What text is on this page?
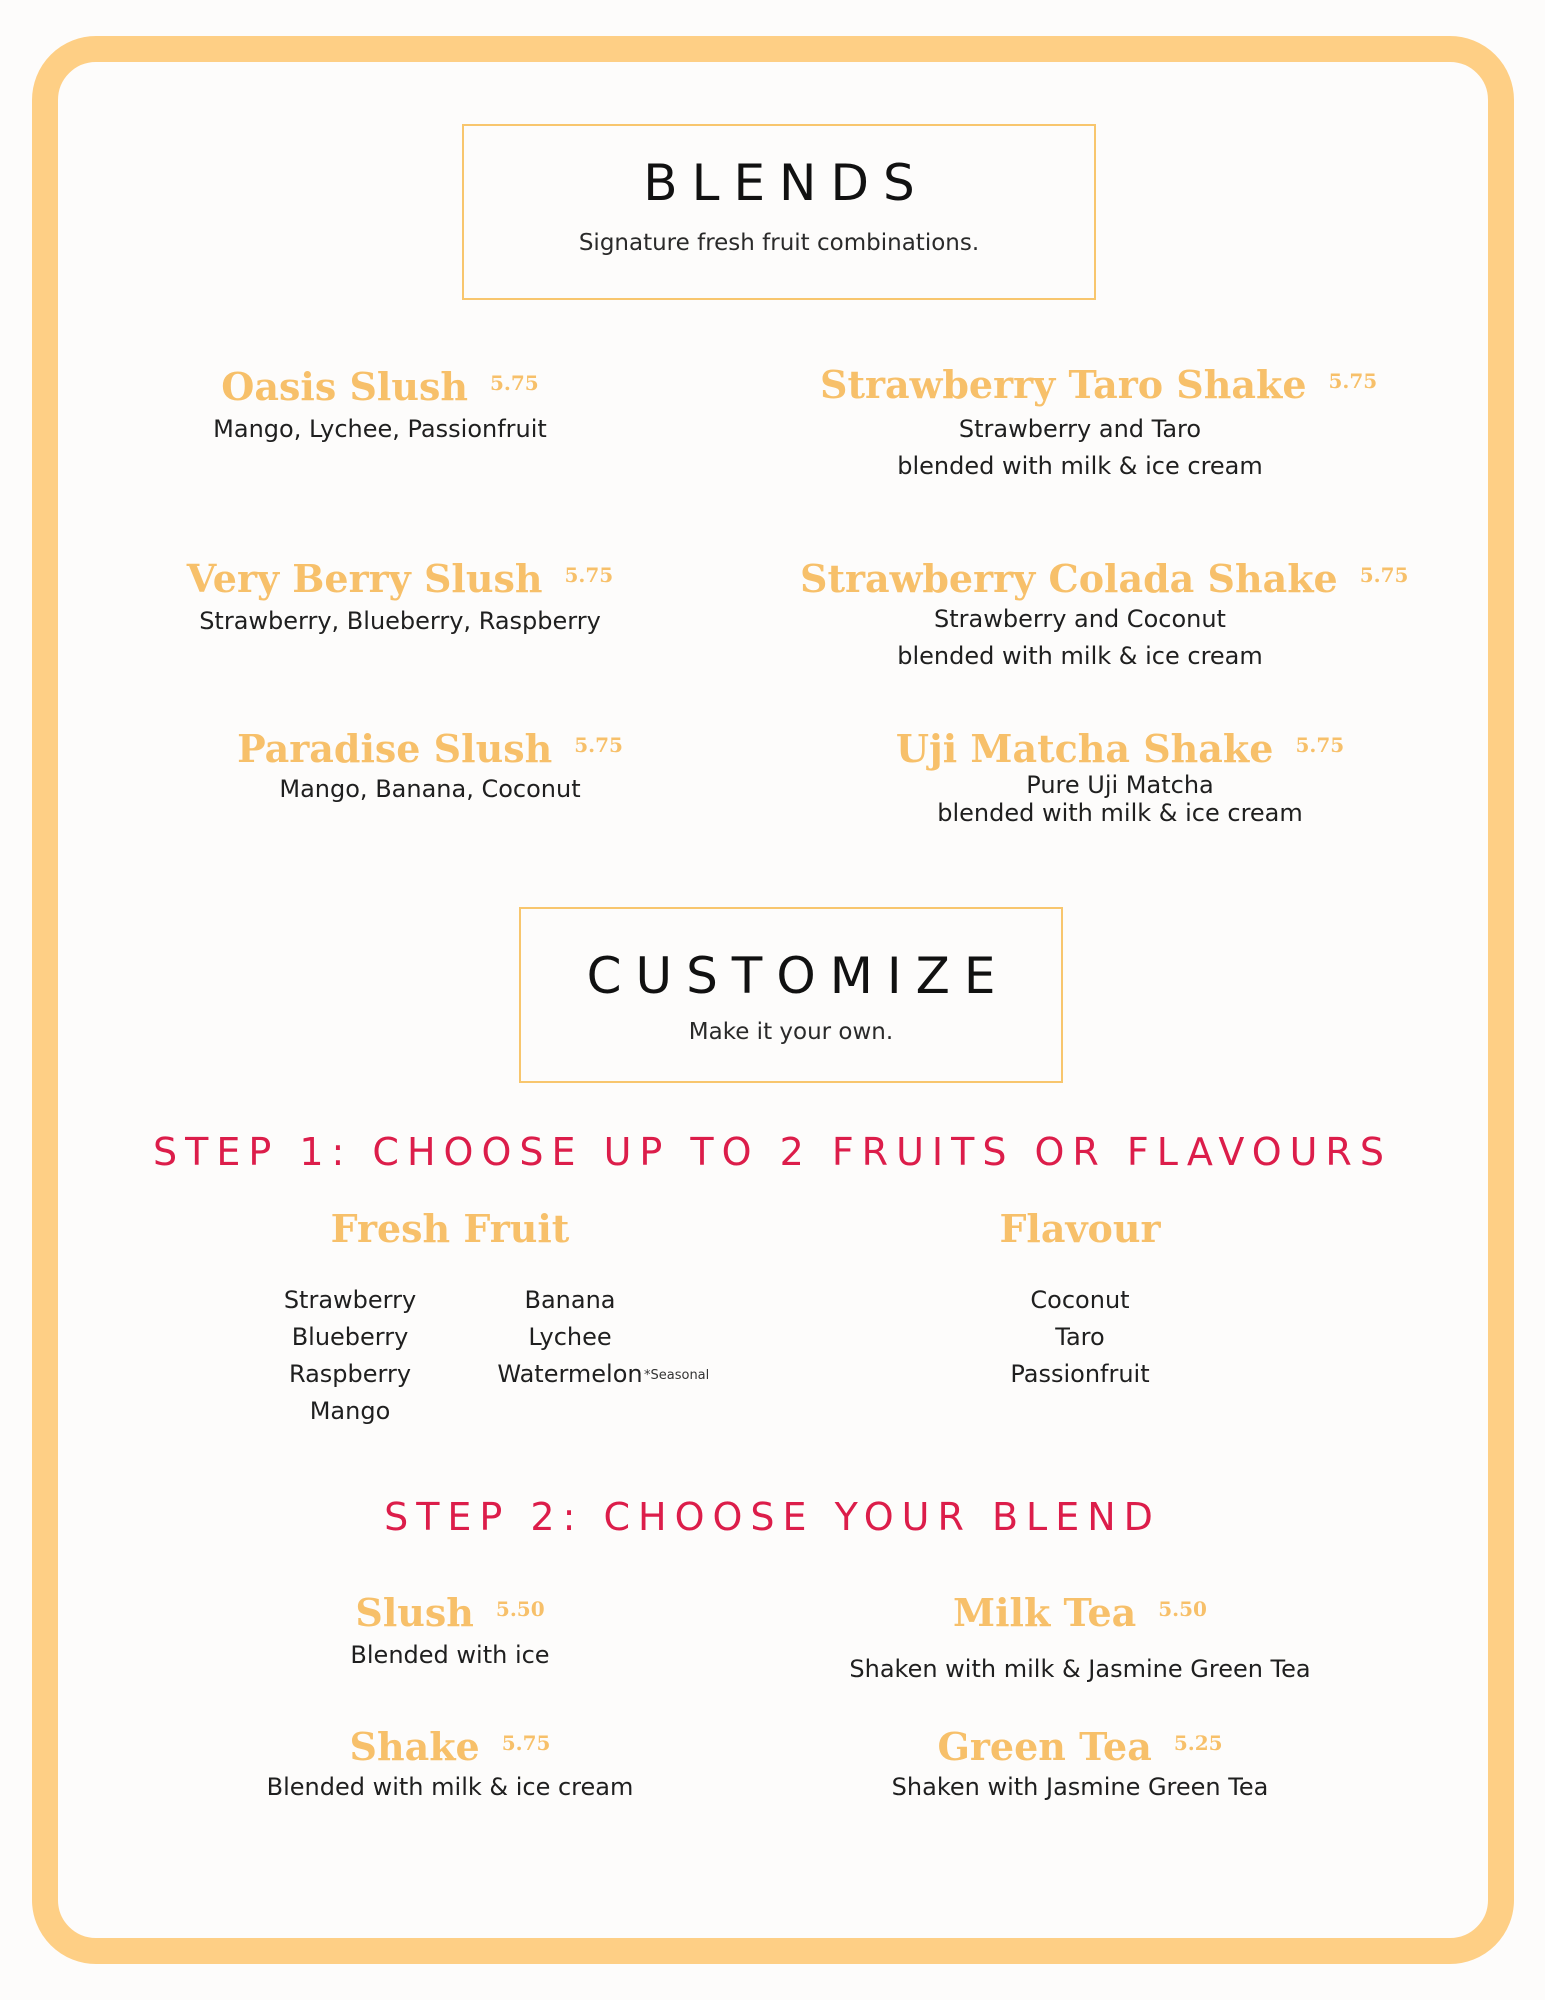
BLENDS
Signature fresh fruit combinations.
Oasis Slush 5.75
Mango, Lychee, Passionfruit
Strawberry Taro Shake 5.75
Strawberry and Taro
blended with milk & ice cream
Very Berry Slush 5.75
Strawberry, Blueberry, Raspberry
Strawberry Colada Shake 5.75
Strawberry and Coconut
blended with milk & ice cream
Paradise Slush 5.75
Mango, Banana, Coconut
Uji Matcha Shake 5.75
Pure Uji Matcha
blended with milk & ice cream
CUSTOMIZE
Make it your own.
STEP 1: CHOOSE UP TO 2 FRUITS OR FLAVOURS
Fresh Fruit	Flavour
Strawberry
Blueberry
Raspberry
Mango
Banana
Lychee
Watermelon *Seasonal
Coconut
Taro
Passionfruit
STEP 2: CHOOSE YOUR BLEND
Slush 5.50
Blended with ice
Milk Tea 5.50
Shaken with milk & Jasmine Green Tea
Shake 5.75
Blended with milk & ice cream
Green Tea 5.25
Shaken with Jasmine Green Tea
